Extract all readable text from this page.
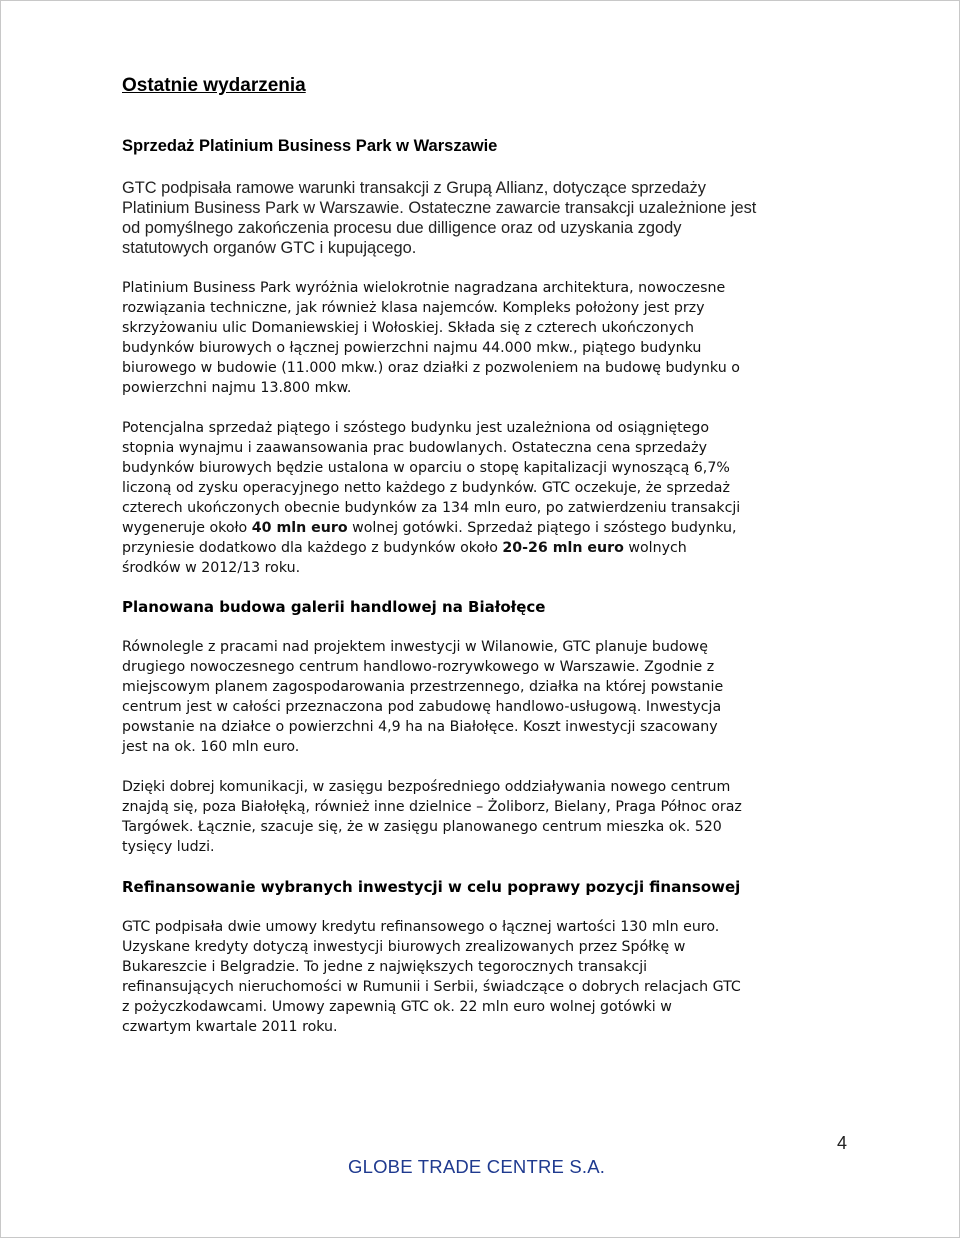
Ostatnie wydarzenia
Sprzedaż Platinium Business Park w Warszawie

GTC podpisała ramowe warunki transakcji z Grupą Allianz, dotyczące sprzedaży
Platinium Business Park w Warszawie. Ostateczne zawarcie transakcji uzależnione jest
od pomyślnego zakończenia procesu due dilligence oraz od uzyskania zgody
statutowych organów GTC i kupującego.

Platinium Business Park wyróżnia wielokrotnie nagradzana architektura, nowoczesne
rozwiązania techniczne, jak również klasa najemców. Kompleks położony jest przy
skrzyżowaniu ulic Domaniewskiej i Wołoskiej. Składa się z czterech ukończonych
budynków biurowych o łącznej powierzchni najmu 44.000 mkw., piątego budynku
biurowego w budowie (11.000 mkw.) oraz działki z pozwoleniem na budowę budynku o
powierzchni najmu 13.800 mkw.

Potencjalna sprzedaż piątego i szóstego budynku jest uzależniona od osiągnięteg​o
stopnia wynajmu i zaawansowania prac budowlanych. Ostateczna cena sprzedaży
budynków biurowych będzie ustalona w oparciu o stopę kapitalizacji wynoszącą 6,7%
liczoną od zysku operacyjnego netto każdego z budynków. GTC oczekuje, że sprzedaż
czterech ukończonych obecnie budynków za 134 mln euro, po zatwierdzeniu transakcji
wygeneruje około 40 mln euro wolnej gotówki. Sprzedaż piątego i szóstego budynku,
przyniesie dodatkowo dla każdego z budynków około 20-26 mln euro wolnych
środków w 2012/13 roku.

Planowana budowa galerii handlowej na Białołęce

Równolegle z pracami nad projektem inwestycji w Wilanowie, GTC planuje budowę
drugiego nowoczesnego centrum handlowo-rozrywkowego w Warszawie. Zgodnie z
miejscowym planem zagospodarowania przestrzennego, działka na której powstanie
centrum jest w całości przeznaczona pod zabudowę handlowo-usługową. Inwestycja
powstanie na działce o powierzchni 4,9 ha na Białołęce. Koszt inwestycji szacowany
jest na ok. 160 mln euro.

Dzięki dobrej komunikacji, w zasięgu bezpośredniego oddziaływania nowego centrum
znajdą się, poza Białołęką, również inne dzielnice – Żoliborz, Bielany, Praga Północ oraz
Targówek. Łącznie, szacuje się, że w zasięgu planowanego centrum mieszka ok. 520
tysięcy ludzi.

Refinansowanie wybranych inwestycji w celu poprawy pozycji finansowej

GTC podpisała dwie umowy kredytu refinansowego o łącznej wartości 130 mln euro.
Uzyskane kredyty dotyczą inwestycji biurowych zrealizowanych przez Spółkę w
Bukareszcie i Belgradzie. To jedne z największych tegorocznych transakcji
refinansujących nieruchomości w Rumunii i Serbii, świadczące o dobrych relacjach GTC
z pożyczkodawcami. Umowy zapewnią GTC ok. 22 mln euro wolnej gotówki w
czwartym kwartale 2011 roku.

4
GLOBE TRADE CENTRE S.A.
